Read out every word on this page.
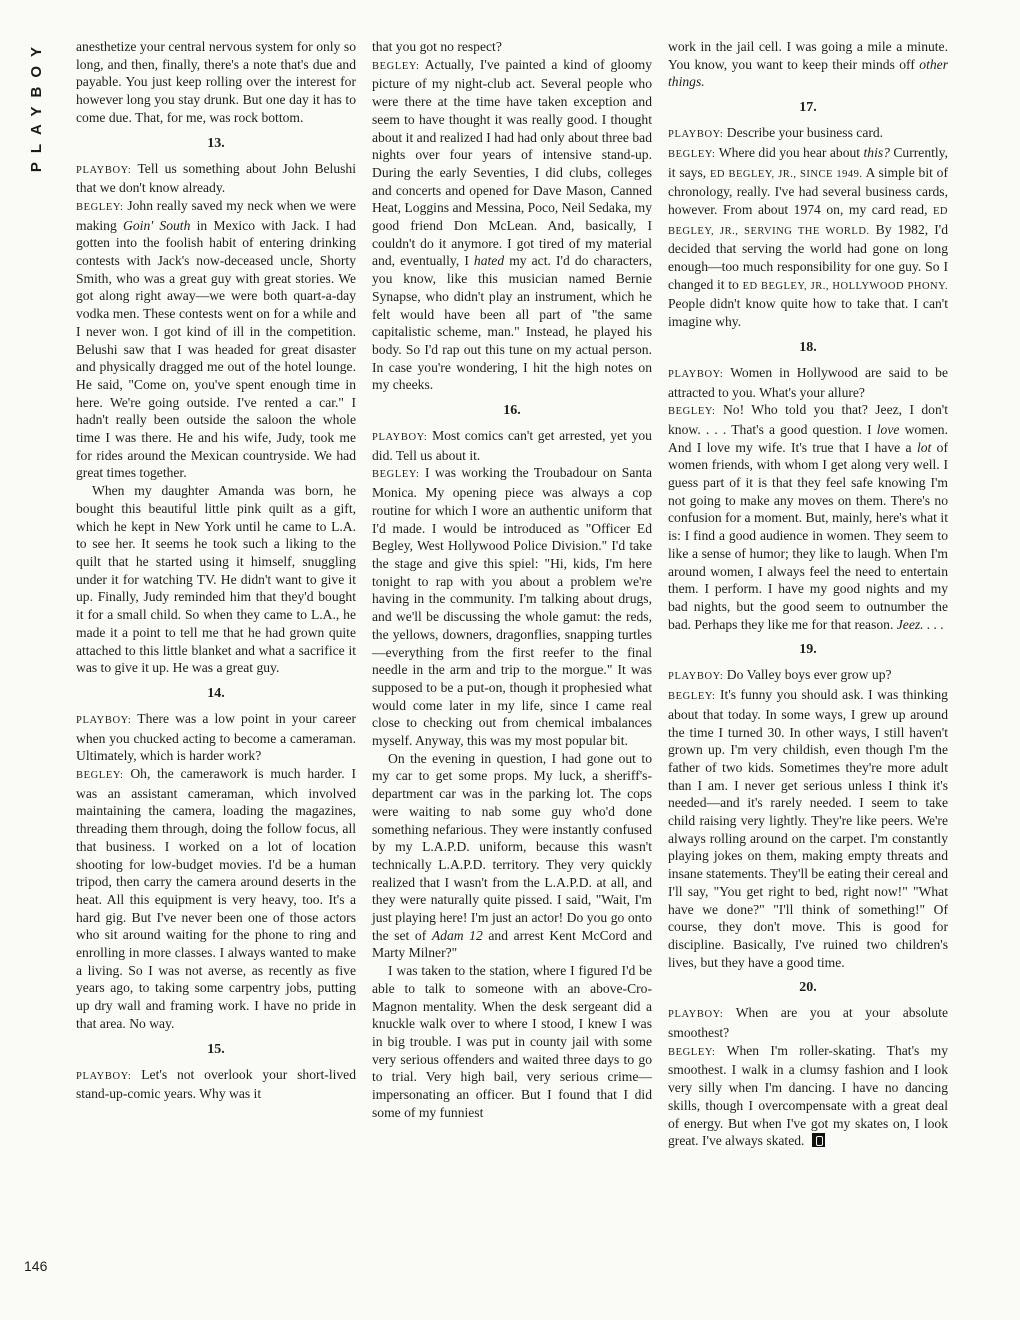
PLAYBOY anesthetize your central nervous system for only so long, and then, finally, there's a note that's due and payable. You just keep rolling over the interest for however long you stay drunk. But one day it has to come due. That, for me, was rock bottom.

13.

PLAYBOY: Tell us something about John Belushi that we don't know already.

BEGLEY: John really saved my neck when we were making Goin' South in Mexico with Jack. I had gotten into the foolish habit of entering drinking contests with Jack's now-deceased uncle, Shorty Smith, who was a great guy with great stories. We got along right away—we were both quart-a-day vodka men. These contests went on for a while and I never won. I got kind of ill in the competition. Belushi saw that I was headed for great disaster and physically dragged me out of the hotel lounge. He said, "Come on, you've spent enough time in here. We're going outside. I've rented a car." I hadn't really been outside the saloon the whole time I was there. He and his wife, Judy, took me for rides around the Mexican countryside. We had great times together.

When my daughter Amanda was born, he bought this beautiful little pink quilt as a gift, which he kept in New York until he came to L.A. to see her. It seems he took such a liking to the quilt that he started using it himself, snuggling under it for watching TV. He didn't want to give it up. Finally, Judy reminded him that they'd bought it for a small child. So when they came to L.A., he made it a point to tell me that he had grown quite attached to this little blanket and what a sacrifice it was to give it up. He was a great guy.

14.

PLAYBOY: There was a low point in your career when you chucked acting to become a cameraman. Ultimately, which is harder work?

BEGLEY: Oh, the camerawork is much harder. I was an assistant cameraman, which involved maintaining the camera, loading the magazines, threading them through, doing the follow focus, all that business. I worked on a lot of location shooting for low-budget movies. I'd be a human tripod, then carry the camera around deserts in the heat. All this equipment is very heavy, too. It's a hard gig. But I've never been one of those actors who sit around waiting for the phone to ring and enrolling in more classes. I always wanted to make a living. So I was not averse, as recently as five years ago, to taking some carpentry jobs, putting up dry wall and framing work. I have no pride in that area. No way.

15.

PLAYBOY: Let's not overlook your short-lived stand-up-comic years. Why was it

that you got no respect?

BEGLEY: Actually, I've painted a kind of gloomy picture of my night-club act. Several people who were there at the time have taken exception and seem to have thought it was really good. I thought about it and realized I had had only about three bad nights over four years of intensive stand-up. During the early Seventies, I did clubs, colleges and concerts and opened for Dave Mason, Canned Heat, Loggins and Messina, Poco, Neil Sedaka, my good friend Don McLean. And, basically, I couldn't do it anymore. I got tired of my material and, eventually, I hated my act. I'd do characters, you know, like this musician named Bernie Synapse, who didn't play an instrument, which he felt would have been all part of "the same capitalistic scheme, man." Instead, he played his body. So I'd rap out this tune on my actual person. In case you're wondering, I hit the high notes on my cheeks.

16.

PLAYBOY: Most comics can't get arrested, yet you did. Tell us about it.

BEGLEY: I was working the Troubadour on Santa Monica. My opening piece was always a cop routine for which I wore an authentic uniform that I'd made. I would be introduced as "Officer Ed Begley, West Hollywood Police Division." I'd take the stage and give this spiel: "Hi, kids, I'm here tonight to rap with you about a problem we're having in the community. I'm talking about drugs, and we'll be discussing the whole gamut: the reds, the yellows, downers, dragonflies, snapping turtles—everything from the first reefer to the final needle in the arm and trip to the morgue." It was supposed to be a put-on, though it prophesied what would come later in my life, since I came real close to checking out from chemical imbalances myself. Anyway, this was my most popular bit.

On the evening in question, I had gone out to my car to get some props. My luck, a sheriff's-department car was in the parking lot. The cops were waiting to nab some guy who'd done something nefarious. They were instantly confused by my L.A.P.D. uniform, because this wasn't technically L.A.P.D. territory. They very quickly realized that I wasn't from the L.A.P.D. at all, and they were naturally quite pissed. I said, "Wait, I'm just playing here! I'm just an actor! Do you go onto the set of Adam 12 and arrest Kent McCord and Marty Milner?"

I was taken to the station, where I figured I'd be able to talk to someone with an above-Cro-Magnon mentality. When the desk sergeant did a knuckle walk over to where I stood, I knew I was in big trouble. I was put in county jail with some very serious offenders and waited three days to go to trial. Very high bail, very serious crime—impersonating an officer. But I found that I did some of my funniest

work in the jail cell. I was going a mile a minute. You know, you want to keep their minds off other things.

17.

PLAYBOY: Describe your business card.

BEGLEY: Where did you hear about this? Currently, it says, ED BEGLEY, JR., SINCE 1949. A simple bit of chronology, really. I've had several business cards, however. From about 1974 on, my card read, ED BEGLEY, JR., SERVING THE WORLD. By 1982, I'd decided that serving the world had gone on long enough—too much responsibility for one guy. So I changed it to ED BEGLEY, JR., HOLLYWOOD PHONY. People didn't know quite how to take that. I can't imagine why.

18.

PLAYBOY: Women in Hollywood are said to be attracted to you. What's your allure?

BEGLEY: No! Who told you that? Jeez, I don't know. . . . That's a good question. I love women. And I love my wife. It's true that I have a lot of women friends, with whom I get along very well. I guess part of it is that they feel safe knowing I'm not going to make any moves on them. There's no confusion for a moment. But, mainly, here's what it is: I find a good audience in women. They seem to like a sense of humor; they like to laugh. When I'm around women, I always feel the need to entertain them. I perform. I have my good nights and my bad nights, but the good seem to outnumber the bad. Perhaps they like me for that reason. Jeez. . . .

19.

PLAYBOY: Do Valley boys ever grow up?

BEGLEY: It's funny you should ask. I was thinking about that today. In some ways, I grew up around the time I turned 30. In other ways, I still haven't grown up. I'm very childish, even though I'm the father of two kids. Sometimes they're more adult than I am. I never get serious unless I think it's needed—and it's rarely needed. I seem to take child raising very lightly. They're like peers. We're always rolling around on the carpet. I'm constantly playing jokes on them, making empty threats and insane statements. They'll be eating their cereal and I'll say, "You get right to bed, right now!" "What have we done?" "I'll think of something!" Of course, they don't move. This is good for discipline. Basically, I've ruined two children's lives, but they have a good time.

20.

PLAYBOY: When are you at your absolute smoothest?

BEGLEY: When I'm roller-skating. That's my smoothest. I walk in a clumsy fashion and I look very silly when I'm dancing. I have no dancing skills, though I overcompensate with a great deal of energy. But when I've got my skates on, I look great. I've always skated.

146
